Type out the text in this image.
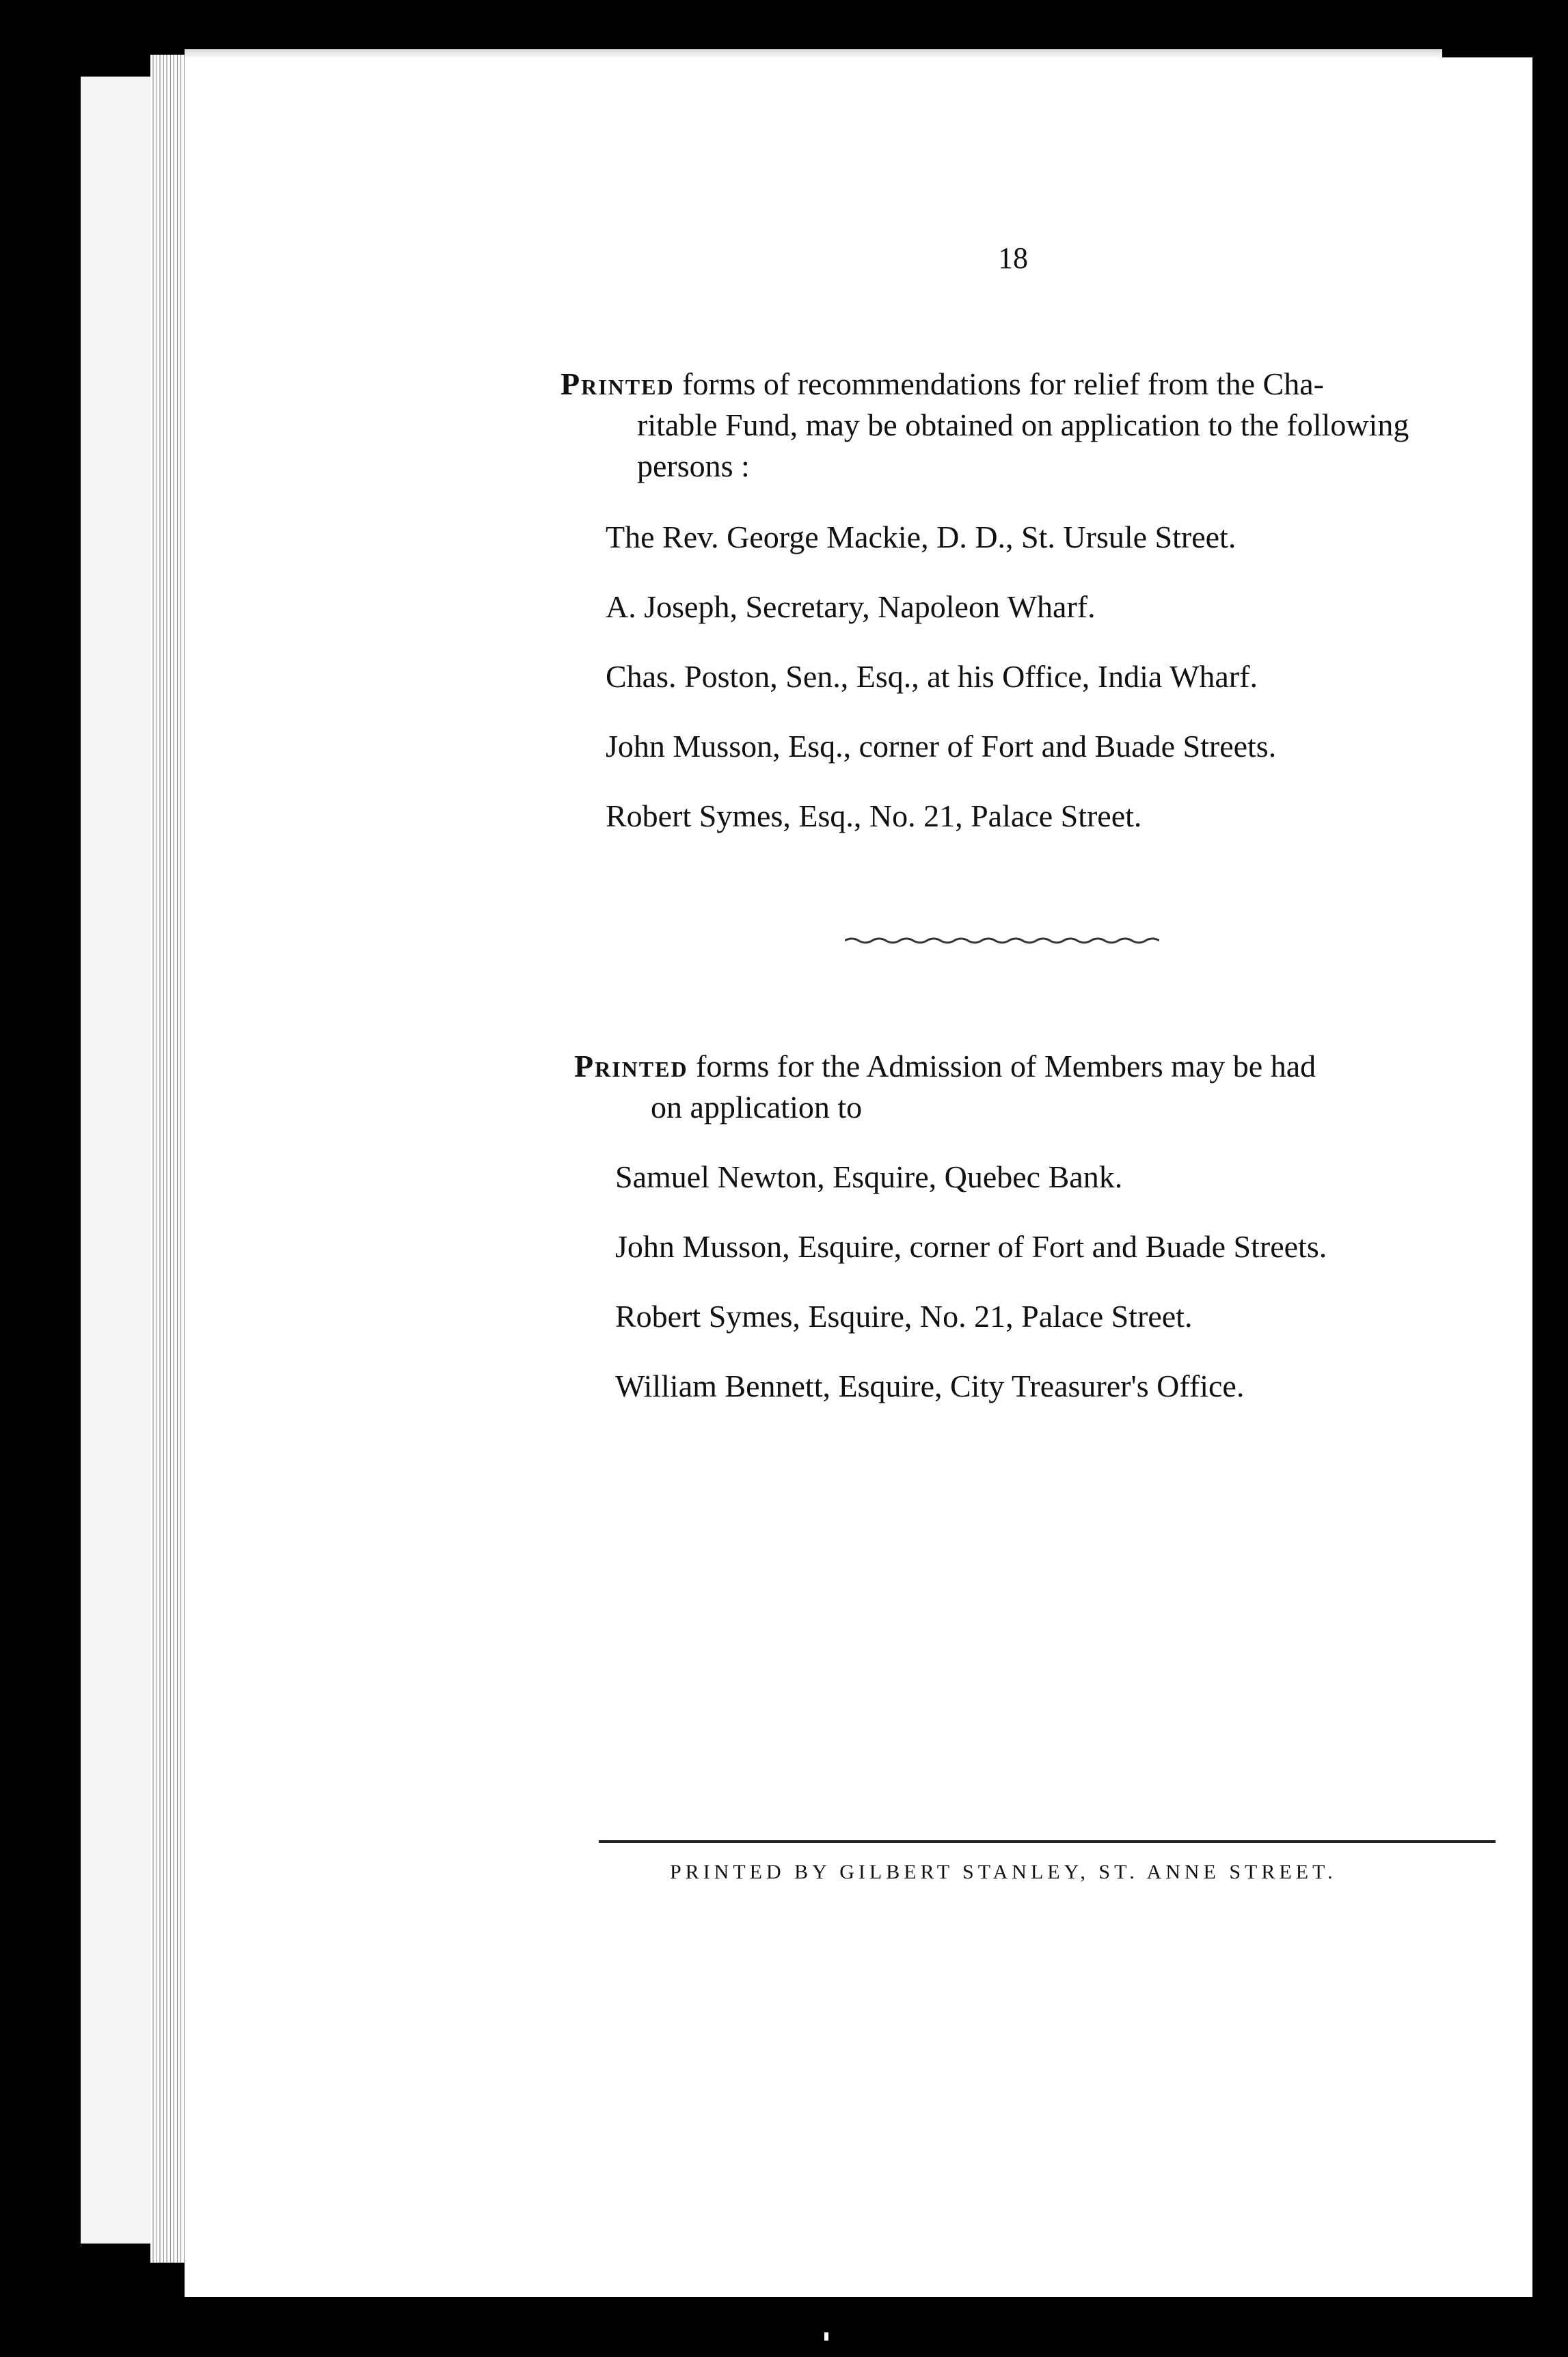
18
Printed forms of recommendations for relief from the Cha-
ritable Fund, may be obtained on application to the following persons :
The Rev. George Mackie, D. D., St. Ursule Street.
A. Joseph, Secretary, Napoleon Wharf.
Chas. Poston, Sen., Esq., at his Office, India Wharf.
John Musson, Esq., corner of Fort and Buade Streets.
Robert Symes, Esq., No. 21, Palace Street.
Printed forms for the Admission of Members may be had
on application to
Samuel Newton, Esquire, Quebec Bank.
John Musson, Esquire, corner of Fort and Buade Streets.
Robert Symes, Esquire, No. 21, Palace Street.
William Bennett, Esquire, City Treasurer's Office.
PRINTED BY GILBERT STANLEY, ST. ANNE STREET.
